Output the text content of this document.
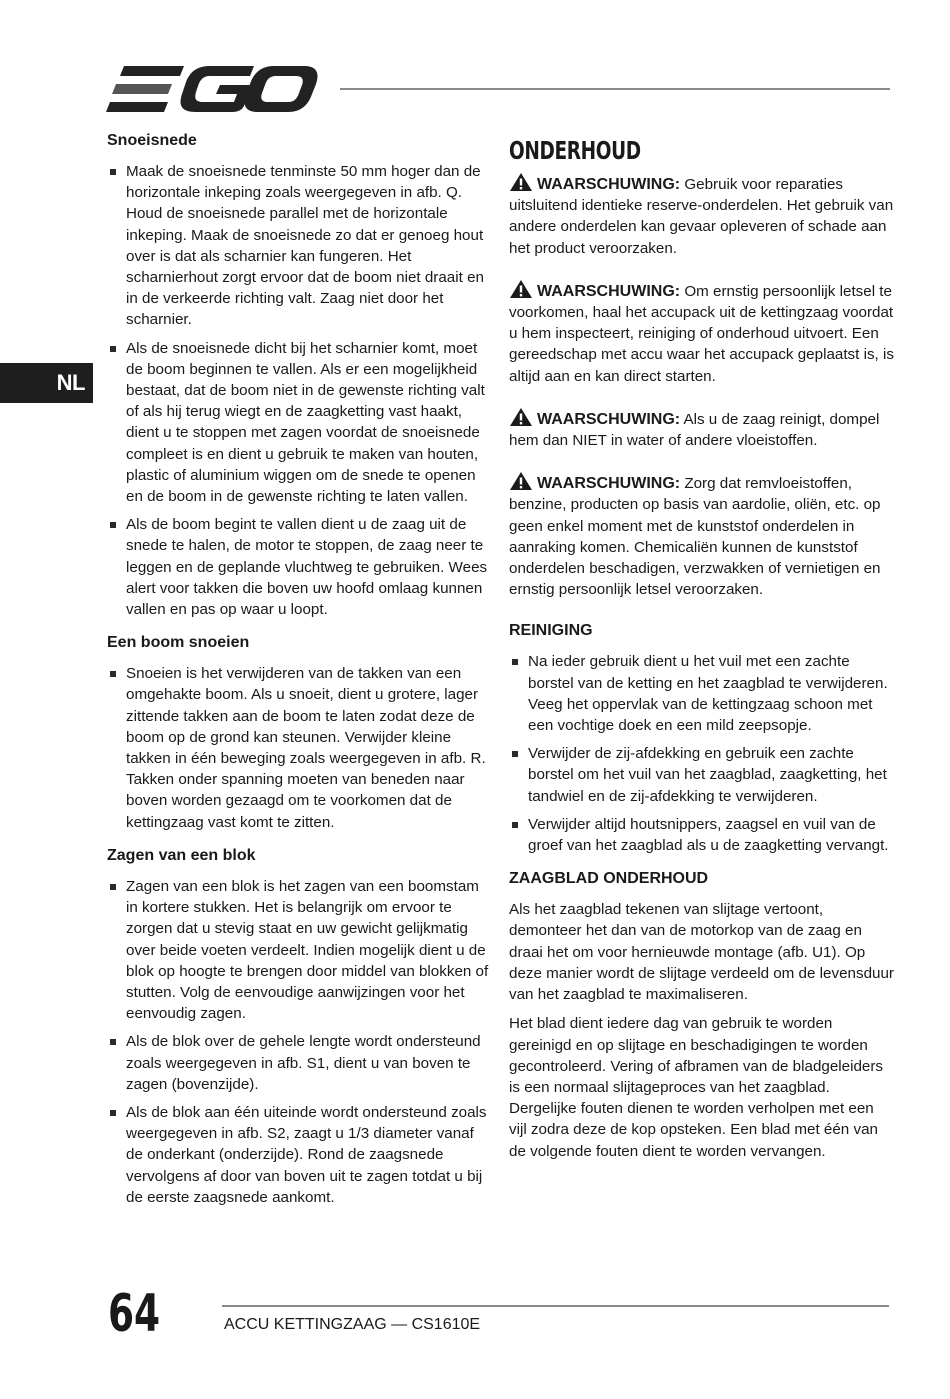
NL
Snoeisnede
Maak de snoeisnede tenminste 50 mm hoger dan de horizontale inkeping zoals weergegeven in afb. Q. Houd de snoeisnede parallel met de horizontale inkeping. Maak de snoeisnede zo dat er genoeg hout over is dat als scharnier kan fungeren. Het scharnierhout zorgt ervoor dat de boom niet draait en in de verkeerde richting valt. Zaag niet door het scharnier.
Als de snoeisnede dicht bij het scharnier komt, moet de boom beginnen te vallen. Als er een mogelijkheid bestaat, dat de boom niet in de gewenste richting valt of als hij terug wiegt en de zaagketting vast haakt, dient u te stoppen met zagen voordat de snoeisnede compleet is en dient u gebruik te maken van houten, plastic of aluminium wiggen om de snede te openen en de boom in de gewenste richting te laten vallen.
Als de boom begint te vallen dient u de zaag uit de snede te halen, de motor te stoppen, de zaag neer te leggen en de geplande vluchtweg te gebruiken. Wees alert voor takken die boven uw hoofd omlaag kunnen vallen en pas op waar u loopt.
Een boom snoeien
Snoeien is het verwijderen van de takken van een omgehakte boom. Als u snoeit, dient u grotere, lager zittende takken aan de boom te laten zodat deze de boom op de grond kan steunen. Verwijder kleine takken in één beweging zoals weergegeven in afb. R. Takken onder spanning moeten van beneden naar boven worden gezaagd om te voorkomen dat de kettingzaag vast komt te zitten.
Zagen van een blok
Zagen van een blok is het zagen van een boomstam in kortere stukken. Het is belangrijk om ervoor te zorgen dat u stevig staat en uw gewicht gelijkmatig over beide voeten verdeelt. Indien mogelijk dient u de blok op hoogte te brengen door middel van blokken of stutten. Volg de eenvoudige aanwijzingen voor het eenvoudig zagen.
Als de blok over de gehele lengte wordt ondersteund zoals weergegeven in afb. S1, dient u van boven te zagen (bovenzijde).
Als de blok aan één uiteinde wordt ondersteund zoals weergegeven in afb. S2, zaagt u 1/3 diameter vanaf de onderkant (onderzijde). Rond de zaagsnede vervolgens af door van boven uit te zagen totdat u bij de eerste zaagsnede aankomt.
ONDERHOUD
WAARSCHUWING: Gebruik voor reparaties uitsluitend identieke reserve-onderdelen. Het gebruik van andere onderdelen kan gevaar opleveren of schade aan het product veroorzaken.
WAARSCHUWING: Om ernstig persoonlijk letsel te voorkomen, haal het accupack uit de kettingzaag voordat u hem inspecteert, reiniging of onderhoud uitvoert. Een gereedschap met accu waar het accupack geplaatst is, is altijd aan en kan direct starten.
WAARSCHUWING: Als u de zaag reinigt, dompel hem dan NIET in water of andere vloeistoffen.
WAARSCHUWING: Zorg dat remvloeistoffen, benzine, producten op basis van aardolie, oliën, etc. op geen enkel moment met de kunststof onderdelen in aanraking komen. Chemicaliën kunnen de kunststof onderdelen beschadigen, verzwakken of vernietigen en ernstig persoonlijk letsel veroorzaken.
REINIGING
Na ieder gebruik dient u het vuil met een zachte borstel van de ketting en het zaagblad te verwijderen. Veeg het oppervlak van de kettingzaag schoon met een vochtige doek en een mild zeepsopje.
Verwijder de zij-afdekking en gebruik een zachte borstel om het vuil van het zaagblad, zaagketting, het tandwiel en de zij-afdekking te verwijderen.
Verwijder altijd houtsnippers, zaagsel en vuil van de groef van het zaagblad als u de zaagketting vervangt.
ZAAGBLAD ONDERHOUD

Als het zaagblad tekenen van slijtage vertoont, demonteer het dan van de motorkop van de zaag en draai het om voor hernieuwde montage (afb. U1). Op deze manier wordt de slijtage verdeeld om de levensduur van het zaagblad te maximaliseren.

Het blad dient iedere dag van gebruik te worden gereinigd en op slijtage en beschadigingen te worden gecontroleerd. Vering of afbramen van de bladgeleiders is een normaal slijtageproces van het zaagblad. Dergelijke fouten dienen te worden verholpen met een vijl zodra deze de kop opsteken. Een blad met één van de volgende fouten dient te worden vervangen.

64	ACCU KETTINGZAAG — CS1610E
